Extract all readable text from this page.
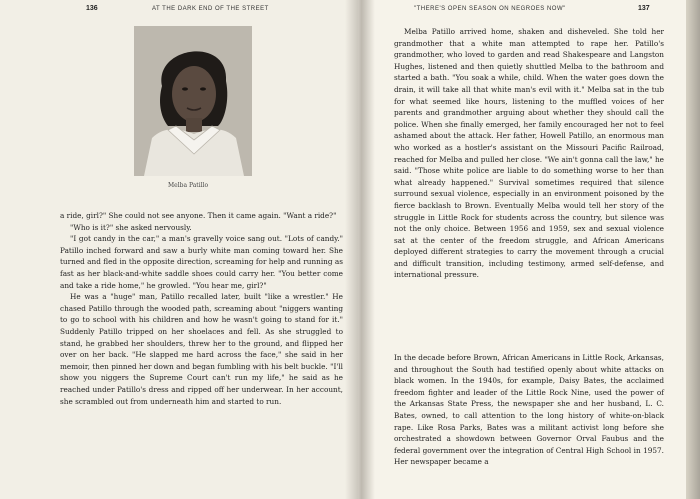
136	AT THE DARK END OF THE STREET
Melba Patillo

a ride, girl?" She could not see anyone. Then it came again. "Want a ride?"

"Who is it?" she asked nervously.

"I got candy in the car," a man's gravelly voice sang out. "Lots of candy." Patillo inched forward and saw a burly white man coming toward her. She turned and fled in the opposite direction, screaming for help and running as fast as her black-and-white saddle shoes could carry her. "You better come and take a ride home," he growled. "You hear me, girl?"

He was a "huge" man, Patillo recalled later, built "like a wrestler." He chased Patillo through the wooded path, screaming about "niggers wanting to go to school with his children and how he wasn't going to stand for it." Suddenly Patillo tripped on her shoelaces and fell. As she struggled to stand, he grabbed her shoulders, threw her to the ground, and flipped her over on her back. "He slapped me hard across the face," she said in her memoir, then pinned her down and began fumbling with his belt buckle. "I'll show you niggers the Supreme Court can't run my life," he said as he reached under Patillo's dress and ripped off her underwear. In her account, she scrambled out from underneath him and started to run.

"THERE'S OPEN SEASON ON NEGROES NOW"	137

Melba Patillo arrived home, shaken and disheveled. She told her grandmother that a white man attempted to rape her. Patillo's grandmother, who loved to garden and read Shakespeare and Langston Hughes, listened and then quietly shuttled Melba to the bathroom and started a bath. "You soak a while, child. When the water goes down the drain, it will take all that white man's evil with it." Melba sat in the tub for what seemed like hours, listening to the muffled voices of her parents and grandmother arguing about whether they should call the police. When she finally emerged, her family encouraged her not to feel ashamed about the attack. Her father, Howell Patillo, an enormous man who worked as a hostler's assistant on the Missouri Pacific Railroad, reached for Melba and pulled her close. "We ain't gonna call the law," he said. "Those white police are liable to do something worse to her than what already happened." Survival sometimes required that silence surround sexual violence, especially in an environment poisoned by the fierce backlash to Brown. Eventually Melba would tell her story of the struggle in Little Rock for students across the country, but silence was not the only choice. Between 1956 and 1959, sex and sexual violence sat at the center of the freedom struggle, and African Americans deployed different strategies to carry the movement through a crucial and difficult transition, including testimony, armed self-defense, and international pressure.

In the decade before Brown, African Americans in Little Rock, Arkansas, and throughout the South had testified openly about white attacks on black women. In the 1940s, for example, Daisy Bates, the acclaimed freedom fighter and leader of the Little Rock Nine, used the power of the Arkansas State Press, the newspaper she and her husband, L. C. Bates, owned, to call attention to the long history of white-on-black rape. Like Rosa Parks, Bates was a militant activist long before she orchestrated a showdown between Governor Orval Faubus and the federal government over the integration of Central High School in 1957. Her newspaper became a
